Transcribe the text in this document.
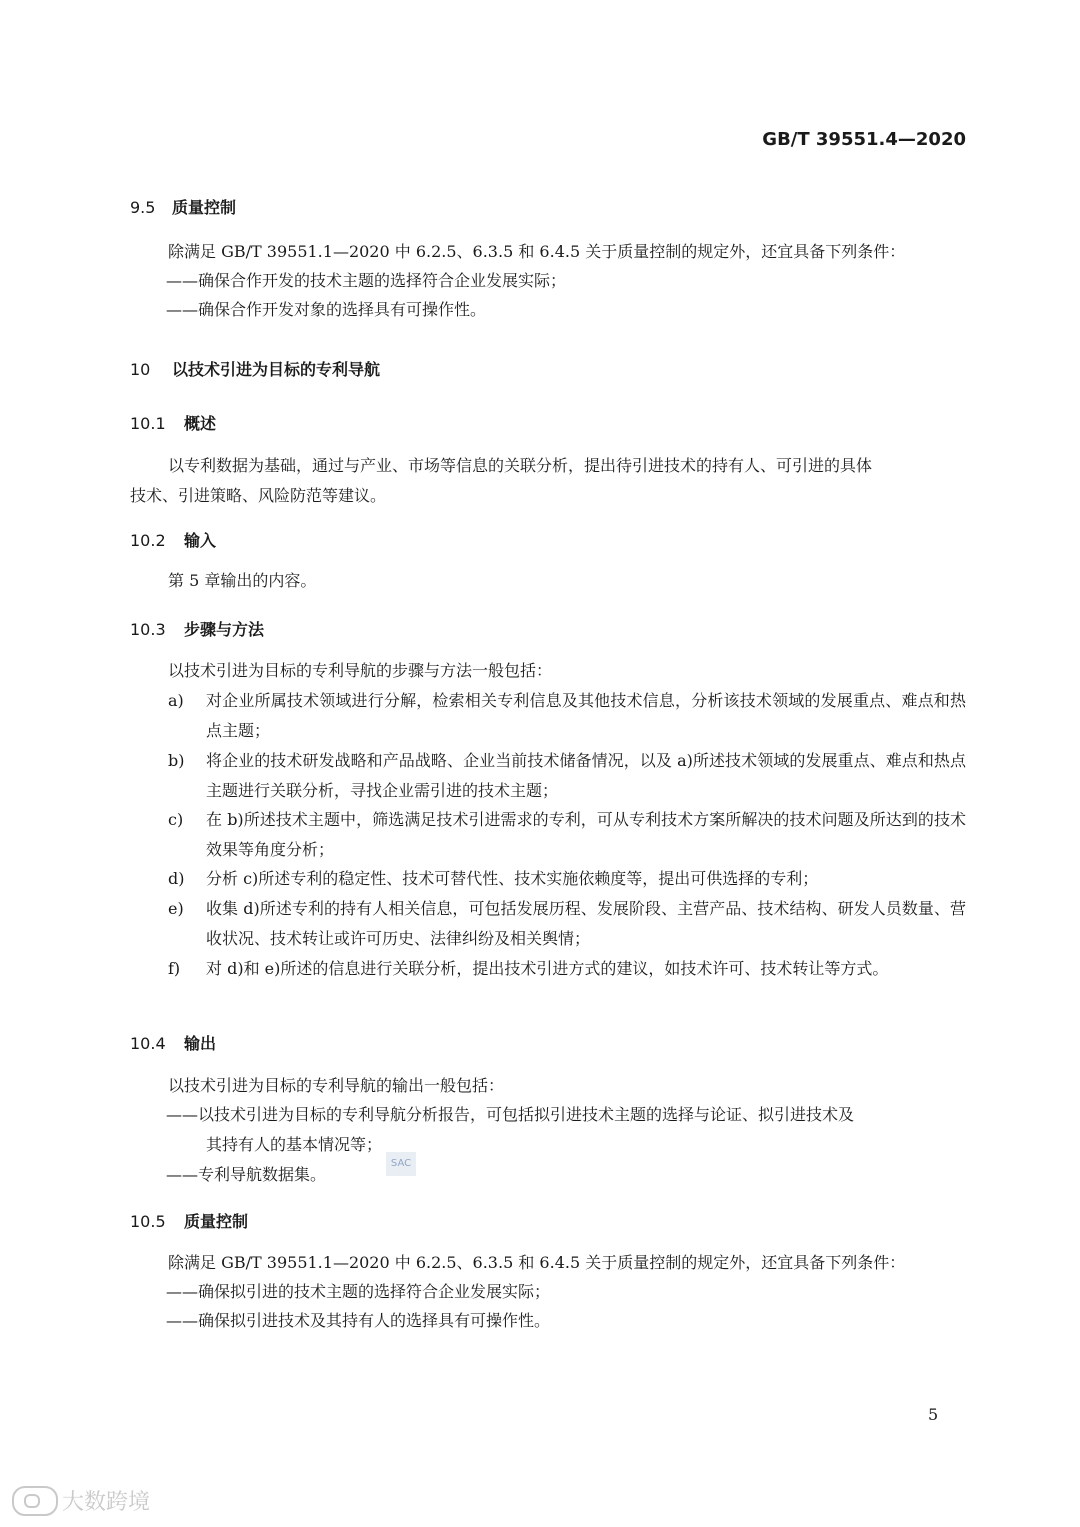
GB/T 39551.4—2020
9.5 质量控制
除满足 GB/T 39551.1—2020 中 6.2.5、6.3.5 和 6.4.5 关于质量控制的规定外，还宜具备下列条件：
——确保合作开发的技术主题的选择符合企业发展实际；
——确保合作开发对象的选择具有可操作性。
10 以技术引进为目标的专利导航
10.1 概述
以专利数据为基础，通过与产业、市场等信息的关联分析，提出待引进技术的持有人、可引进的具体
技术、引进策略、风险防范等建议。
10.2 输入
第 5 章输出的内容。
10.3 步骤与方法
以技术引进为目标的专利导航的步骤与方法一般包括：
a)	对企业所属技术领域进行分解，检索相关专利信息及其他技术信息，分析该技术领域的发展重点、难点和热点主题；
b)	将企业的技术研发战略和产品战略、企业当前技术储备情况，以及 a)所述技术领域的发展重点、难点和热点主题进行关联分析，寻找企业需引进的技术主题；
c)	在 b)所述技术主题中，筛选满足技术引进需求的专利，可从专利技术方案所解决的技术问题及所达到的技术效果等角度分析；
d)	分析 c)所述专利的稳定性、技术可替代性、技术实施依赖度等，提出可供选择的专利；
e)	收集 d)所述专利的持有人相关信息，可包括发展历程、发展阶段、主营产品、技术结构、研发人员数量、营收状况、技术转让或许可历史、法律纠纷及相关舆情；
f)	对 d)和 e)所述的信息进行关联分析，提出技术引进方式的建议，如技术许可、技术转让等方式。
10.4 输出
以技术引进为目标的专利导航的输出一般包括：
——以技术引进为目标的专利导航分析报告，可包括拟引进技术主题的选择与论证、拟引进技术及
其持有人的基本情况等；
——专利导航数据集。
SAC
10.5 质量控制
除满足 GB/T 39551.1—2020 中 6.2.5、6.3.5 和 6.4.5 关于质量控制的规定外，还宜具备下列条件：
——确保拟引进的技术主题的选择符合企业发展实际；
——确保拟引进技术及其持有人的选择具有可操作性。
5
大数跨境
